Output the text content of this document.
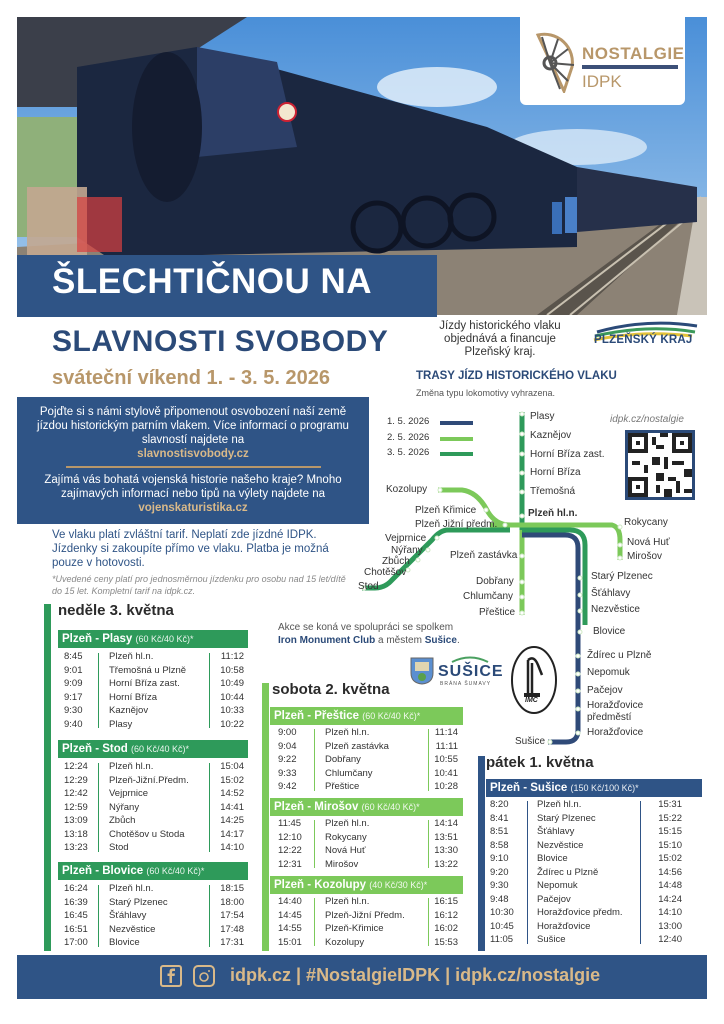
NOSTALGIE
IDPK
ŠLECHTIČNOU NA
SLAVNOSTI SVOBODY
sváteční víkend 1. - 3. 5. 2026
Jízdy historického vlaku objednává a financuje Plzeňský kraj.
PLZEŇSKÝ KRAJ
Pojďte si s námi stylově připomenout osvobození naší země jízdou historickým parním vlakem. Více informací o programu slavností najdete na
slavnostisvobody.cz
Zajímá vás bohatá vojenská historie našeho kraje? Mnoho zajímavých informací nebo tipů na výlety najdete na vojenskaturistika.cz
Ve vlaku platí zvláštní tarif. Neplatí zde jízdné IDPK. Jízdenky si zakoupíte přímo ve vlaku. Platba je možná pouze v hotovosti.
*Uvedené ceny platí pro jednosměrnou jízdenku pro osobu nad 15 let/dítě do 15 let. Kompletní tarif na idpk.cz.
TRASY JÍZD HISTORICKÉHO VLAKU
Změna typu lokomotivy vyhrazena.
1. 5. 2026
2. 5. 2026
3. 5. 2026
idpk.cz/nostalgie
Plasy
Kaznějov
Horní Bříza zast.
Horní Bříza
Třemošná
Plzeň hl.n.
Kozolupy
Plzeň Křimice
Plzeň Jižní předm.
Vejprnice
Nýřany
Zbůch
Chotěšov
Stod
Plzeň zastávka
Dobřany
Chlumčany
Přeštice
Rokycany
Nová Huť
Mirošov
Starý Plzenec
Šťáhlavy
Nezvěstice
Blovice
Ždírec u Plzně
Nepomuk
Pačejov
Horažďovice
předměstí
Horažďovice
Sušice
Akce se koná ve spolupráci se spolkem
Iron Monument Club a městem Sušice.
SUŠICE
BRÁNA ŠUMAVY
IMC
neděle 3. května
Plzeň - Plasy (60 Kč/40 Kč)*
8:45	Plzeň hl.n.	11:12
9:01	Třemošná u Plzně	10:58
9:09	Horní Bříza zast.	10:49
9:17	Horní Bříza	10:44
9:30	Kaznějov	10:33
9:40	Plasy	10:22
Plzeň - Stod (60 Kč/40 Kč)*
12:24 Plzeň hl.n.	15:04
12:29 Plzeň-Jižní.Předm.	15:02
12:42 Vejprnice	14:52
12:59 Nýřany	14:41
13:09 Zbůch	14:25
13:18 Chotěšov u Stoda	14:17
13:23 Stod	14:10
Plzeň - Blovice (60 Kč/40 Kč)*
16:24 Plzeň hl.n.	18:15
16:39 Starý Plzenec	18:00
16:45 Šťáhlavy	17:54
16:51 Nezvěstice	17:48
17:00 Blovice	17:31
sobota 2. května
Plzeň - Přeštice (60 Kč/40 Kč)*
9:00	Plzeň hl.n.	11:14
9:04	Plzeň zastávka	11:11
9:22	Dobřany	10:55
9:33	Chlumčany	10:41
9:42	Přeštice	10:28
Plzeň - Mirošov (60 Kč/40 Kč)*
11:45	Plzeň hl.n.	14:14
12:10 Rokycany	13:51
12:22 Nová Huť	13:30
12:31 Mirošov	13:22
Plzeň - Kozolupy (40 Kč/30 Kč)*
14:40 Plzeň hl.n.	16:15
14:45 Plzeň-Jižní Předm.	16:12
14:55 Plzeň-Křimice	16:02
15:01 Kozolupy	15:53
pátek 1. května
Plzeň - Sušice (150 Kč/100 Kč)*
8:20	Plzeň hl.n.	15:31
8:41	Starý Plzenec	15:22
8:51	Šťáhlavy	15:15
8:58	Nezvěstice	15:10
9:10	Blovice	15:02
9:20	Ždírec u Plzně	14:56
9:30	Nepomuk	14:48
9:48	Pačejov	14:24
10:30 Horažďovice předm.	14:10
10:45 Horažďovice	13:00
11:05	Sušice	12:40
idpk.cz | #NostalgieIDPK | idpk.cz/nostalgie
